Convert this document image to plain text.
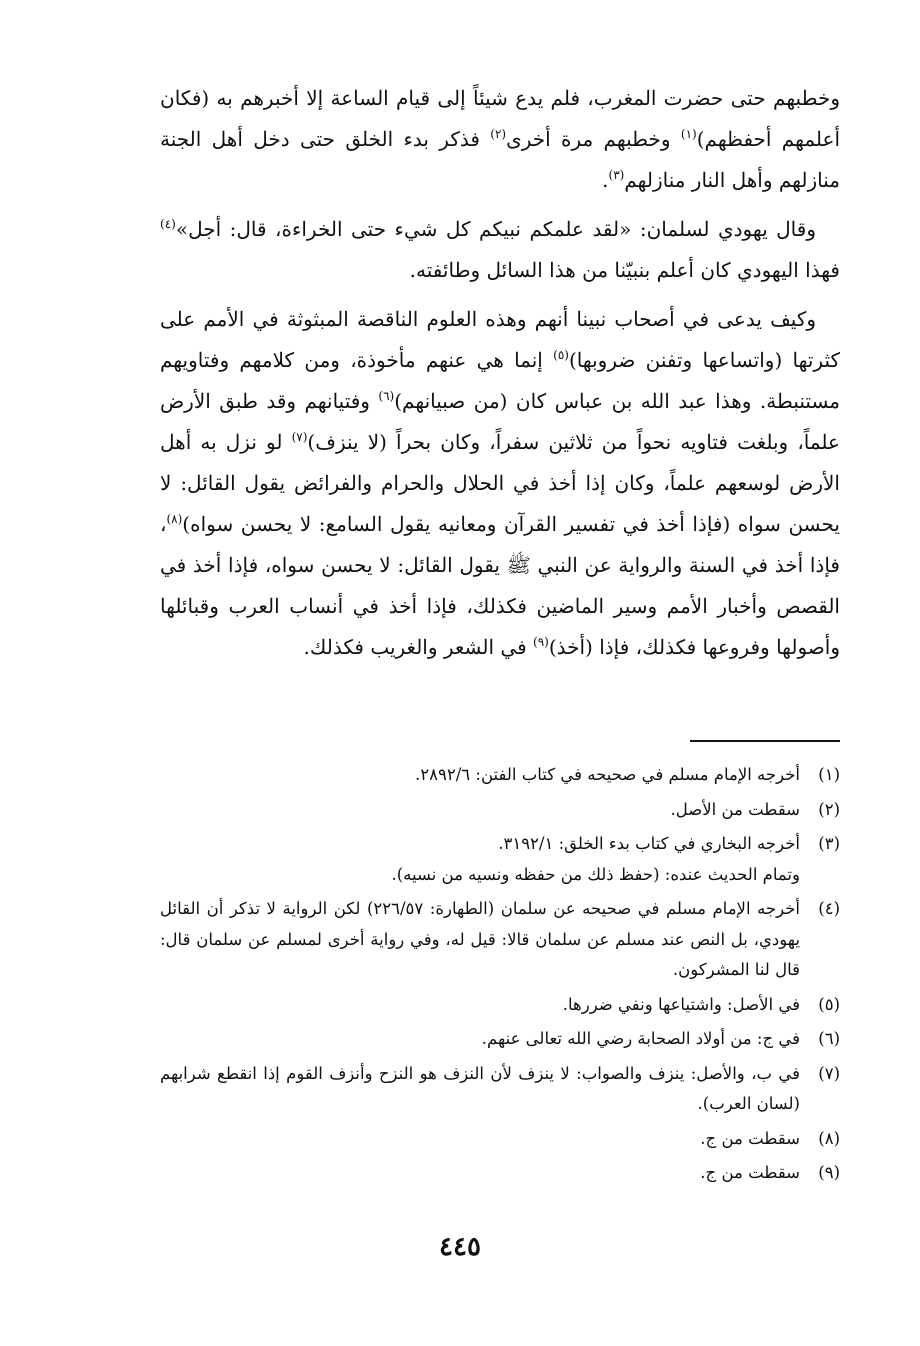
وخطبهم حتى حضرت المغرب، فلم يدع شيئاً إلى قيام الساعة إلا أخبرهم به (فكان أعلمهم أحفظهم)$^{(١)}$ وخطبهم مرة أخرى$^{(٢)}$ فذكر بدء الخلق حتى دخل أهل الجنة منازلهم وأهل النار منازلهم$^{(٣)}$.

وقال يهودي لسلمان: «لقد علمكم نبيكم كل شيء حتى الخراءة، قال: أجل»$^{(٤)}$ فهذا اليهودي كان أعلم بنبيّنا من هذا السائل وطائفته.

وكيف يدعى في أصحاب نبينا أنهم وهذه العلوم الناقصة المبثوثة في الأمم على كثرتها (واتساعها وتفنن ضروبها)$^{(٥)}$ إنما هي عنهم مأخوذة، ومن كلامهم وفتاويهم مستنبطة. وهذا عبد الله بن عباس كان (من صبيانهم)$^{(٦)}$ وفتيانهم وقد طبق الأرض علماً، وبلغت فتاويه نحواً من ثلاثين سفراً، وكان بحراً (لا ينزف)$^{(٧)}$ لو نزل به أهل الأرض لوسعهم علماً، وكان إذا أخذ في الحلال والحرام والفرائض يقول القائل: لا يحسن سواه (فإذا أخذ في تفسير القرآن ومعانيه يقول السامع: لا يحسن سواه)$^{(٨)}$، فإذا أخذ في السنة والرواية عن النبي ﷺ يقول القائل: لا يحسن سواه، فإذا أخذ في القصص وأخبار الأمم وسير الماضين فكذلك، فإذا أخذ في أنساب العرب وقبائلها وأصولها وفروعها فكذلك، فإذا (أخذ)$^{(٩)}$ في الشعر والغريب فكذلك.

(١)
أخرجه الإمام مسلم في صحيحه في كتاب الفتن: ٢٨٩٢/٦.
(٢)
سقطت من الأصل.
(٣)
أخرجه البخاري في كتاب بدء الخلق: ٣١٩٢/١.
وتمام الحديث عنده: (حفظ ذلك من حفظه ونسيه من نسيه).
(٤)
أخرجه الإمام مسلم في صحيحه عن سلمان (الطهارة: ٢٢٦/٥٧) لكن الرواية لا تذكر أن القائل يهودي، بل النص عند مسلم عن سلمان قالا: قيل له، وفي رواية أخرى لمسلم عن سلمان قال: قال لنا المشركون.
(٥)
في الأصل: واشتياعها ونفي ضررها.
(٦)
في ج: من أولاد الصحابة رضي الله تعالى عنهم.
(٧)
في ب، والأصل: ينزف والصواب: لا ينزف لأن النزف هو النزح وأنزف القوم إذا انقطع شرابهم (لسان العرب).
(٨)
سقطت من ج.
(٩)
سقطت من ج.
٤٤٥
